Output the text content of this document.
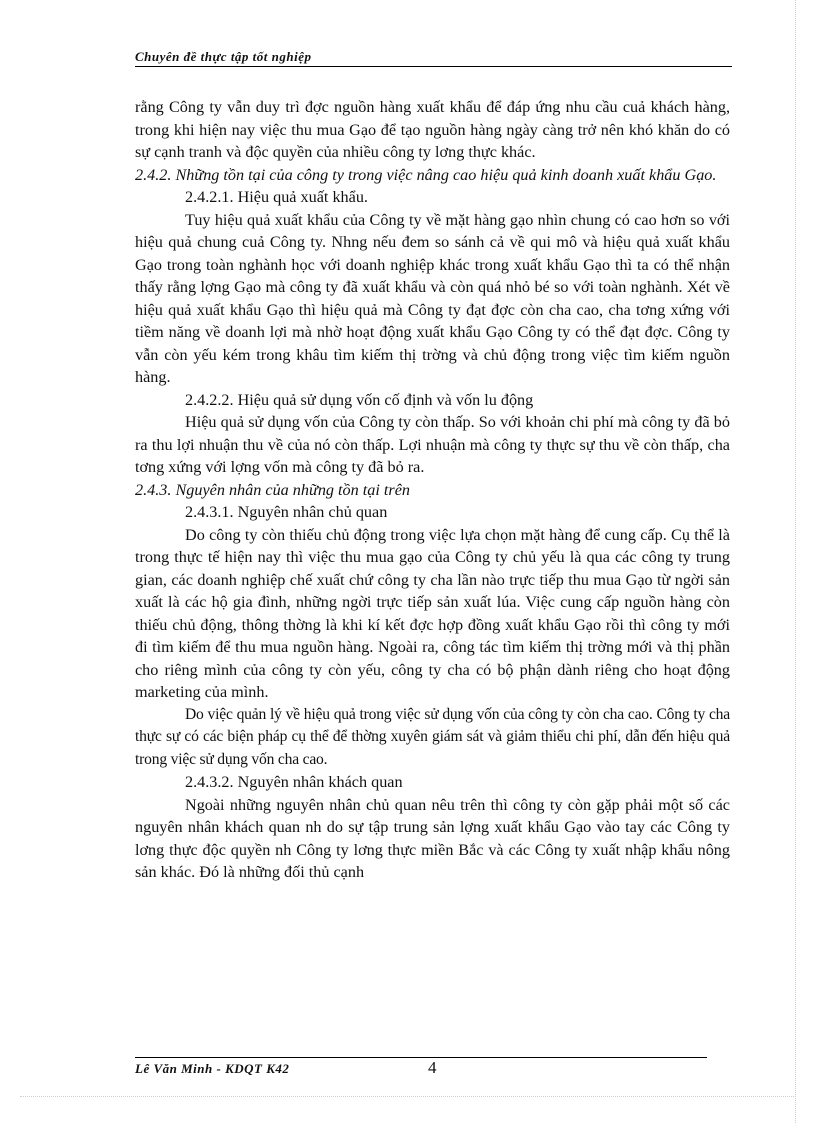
Chuyên đề thực tập tốt nghiệp

rằng Công ty vẫn duy trì đợc nguồn hàng xuất khẩu để đáp ứng nhu cầu cuả khách hàng, trong khi hiện nay việc thu mua Gạo để tạo nguồn hàng ngày càng trở nên khó khăn do có sự cạnh tranh và độc quyền của nhiều công ty lơng thực khác.

2.4.2. Những tồn tại của công ty trong việc nâng cao hiệu quả kinh doanh xuất khẩu Gạo.

2.4.2.1. Hiệu quả xuất khẩu.

Tuy hiệu quả xuất khẩu của Công ty về mặt hàng gạo nhìn chung có cao hơn so với hiệu quả chung cuả Công ty. Nhng nếu đem so sánh cả về qui mô và hiệu quả xuất khẩu Gạo trong toàn nghành học với doanh nghiệp khác trong xuất khẩu Gạo thì ta có thể nhận thấy rằng lợng Gạo mà công ty đã xuất khẩu và còn quá nhỏ bé so với toàn nghành. Xét về hiệu quả xuất khẩu Gạo thì hiệu quả mà Công ty đạt đợc còn cha cao, cha tơng xứng với tiềm năng về doanh lợi mà nhờ hoạt động xuất khẩu Gạo Công ty có thể đạt đợc. Công ty vẫn còn yếu kém trong khâu tìm kiếm thị trờng và chủ động trong việc tìm kiếm nguồn hàng.

2.4.2.2. Hiệu quả sử dụng vốn cố định và vốn lu động

Hiệu quả sử dụng vốn của Công ty còn thấp. So với khoản chi phí mà công ty đã bỏ ra thu lợi nhuận thu về của nó còn thấp. Lợi nhuận mà công ty thực sự thu về còn thấp, cha tơng xứng với lợng vốn mà công ty đã bỏ ra.

2.4.3. Nguyên nhân của những tồn tại trên

2.4.3.1. Nguyên nhân chủ quan

Do công ty còn thiếu chủ động trong việc lựa chọn mặt hàng để cung cấp. Cụ thể là trong thực tế hiện nay thì việc thu mua gạo của Công ty chủ yếu là qua các công ty trung gian, các doanh nghiệp chế xuất chứ công ty cha lần nào trực tiếp thu mua Gạo từ ngời sản xuất là các hộ gia đình, những ngời trực tiếp sản xuất lúa. Việc cung cấp nguồn hàng còn thiếu chủ động, thông thờng là khi kí kết đợc hợp đồng xuất khẩu Gạo rồi thì công ty mới đi tìm kiếm để thu mua nguồn hàng. Ngoài ra, công tác tìm kiếm thị trờng mới và thị phần cho riêng mình của công ty còn yếu, công ty cha có bộ phận dành riêng cho hoạt động marketing của mình.

Do việc quản lý về hiệu quả trong việc sử dụng vốn của công ty còn cha cao. Công ty cha thực sự có các biện pháp cụ thể để thờng xuyên giám sát và giảm thiểu chi phí, dẫn đến hiệu quả trong việc sử dụng vốn cha cao.

2.4.3.2. Nguyên nhân khách quan

Ngoài những nguyên nhân chủ quan nêu trên thì công ty còn gặp phải một số các nguyên nhân khách quan nh do sự tập trung sản lợng xuất khẩu Gạo vào tay các Công ty lơng thực độc quyền nh Công ty lơng thực miền Bắc và các Công ty xuất nhập khẩu nông sản khác. Đó là những đối thủ cạnh

Lê Văn Minh - KDQT K42	4
